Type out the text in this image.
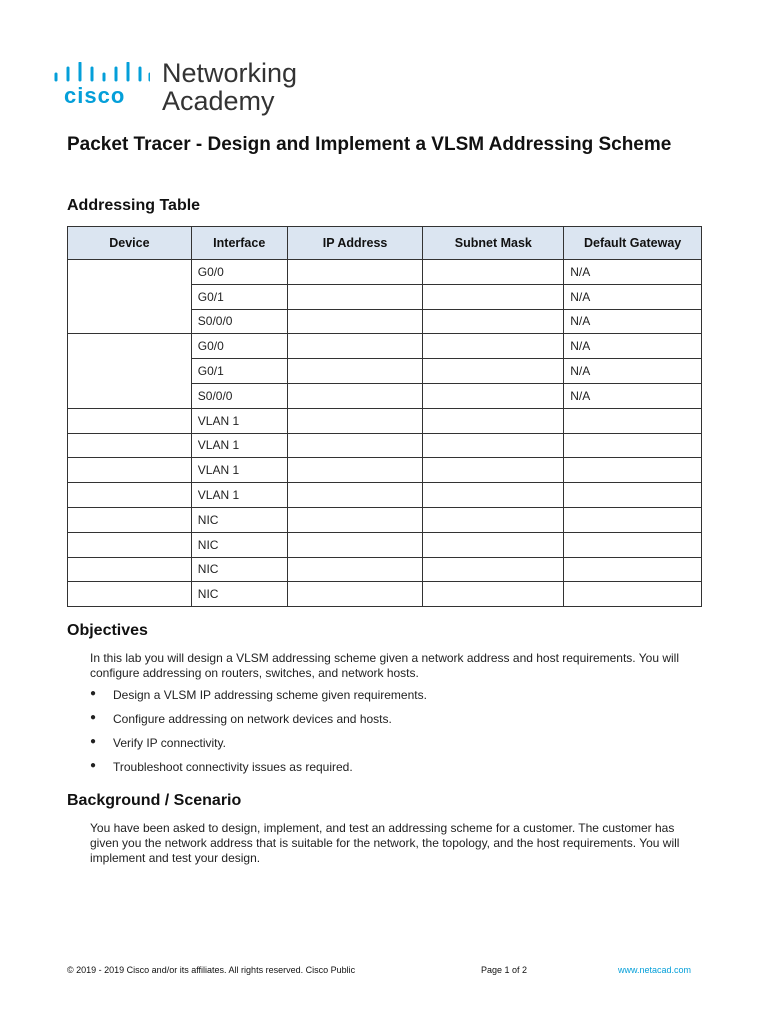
cisco
Networking
Academy
Packet Tracer - Design and Implement a VLSM Addressing Scheme
Addressing Table
Device	Interface	IP Address	Subnet Mask	Default Gateway
	G0/0			N/A
	G0/1			N/A
	S0/0/0			N/A
	G0/0			N/A
	G0/1			N/A
	S0/0/0			N/A
	VLAN 1			
	VLAN 1			
	VLAN 1			
	VLAN 1			
	NIC			
	NIC			
	NIC			
	NIC			
Objectives
In this lab you will design a VLSM addressing scheme given a network address and host requirements. You will configure addressing on routers, switches, and network hosts.
● Design a VLSM IP addressing scheme given requirements.
● Configure addressing on network devices and hosts.
● Verify IP connectivity.
● Troubleshoot connectivity issues as required.
Background / Scenario
You have been asked to design, implement, and test an addressing scheme for a customer. The customer has given you the network address that is suitable for the network, the topology, and the host requirements. You will implement and test your design.
© 2019 - 2019 Cisco and/or its affiliates. All rights reserved. Cisco Public	Page 1 of 2	www.netacad.com
